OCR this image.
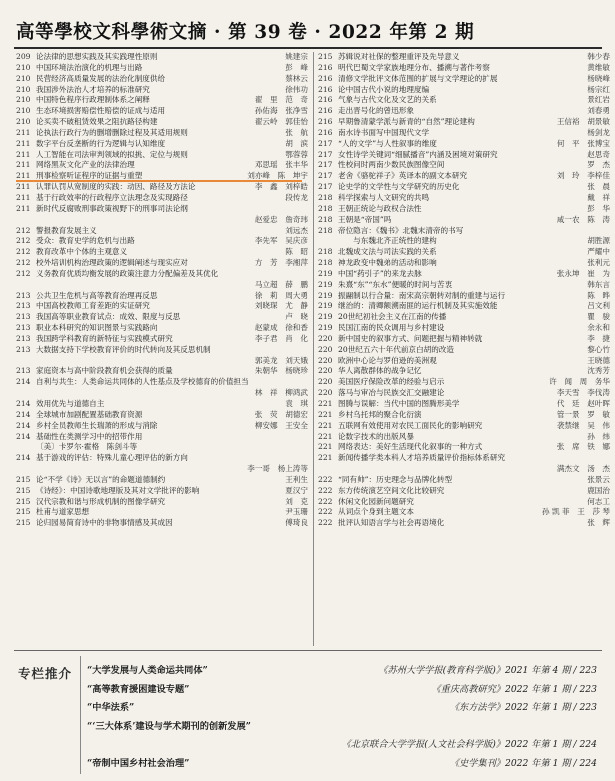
高等學校文科學術文摘 · 第 39 卷 · 2022 年第 2 期
209 论法律的思想实践及其实践理性原则	姚建宗
210 中国环境法治演化的机理与出路	彭　峰
210 民营经济高质量发展的法治化制度供给	蔡林云
210 我国涉外法治人才培养的标准研究	徐伟功
210 中国特色程序行政理制体系之阐释	翟　里　范　奇
210 生态环境损害赔偿性赔偿的证成与适用	孙佑海　张净雪
210 论买卖不破租赁效果之阻抗路径构建	翟云岭　郭佳怡
211 论执法行政行为的删增删除过程及其适用规则	张　航
211 数字平台反垄断的行为逻辑与认知维度	胡　滨
211 人工智能在司法审判领域的拟挑、定位与规则	鄂蓉蓉
211 网络黑灰文化产业的法律治理	邓思瑶　张丰华
211 刑事检察听证程序的证据与重塑	刘亦峰　陈　坤宇
211 认罪认罚从宽制度的实践：动因、路径及方法论	李　鑫　刘梓皓
211 基于行政效率的行政程序立法理念及实现路径	段传龙
211 新时代反腐败刑事政策视野下的刑事司法论纲
赵爱忠　詹奇玮
212 警报教育发展主义	刘远杰
212 受众：教育史学的危机与出路	李先军　吴庆彦
212 教育改革中个体的主观意义	陈　昭
212 校外培训机构治理政策的逻辑阐述与现实应对	方　芳　李湘萍
212 义务教育优质均衡发展的政策注意力分配偏差及其优化
马立超　薛　鹏
213 公共卫生危机与高等教育治理再反思	徐　莉　周大勇
213 中国高校教师工育差距的实证研究	刘晓琛　尤　静
213 我国高等职业教育试点：成效、限度与反思	卢　晓
213 职业本科研究的知识图景与实践路向	赵蒙成　徐和香
213 我国跨学科教育的新特征与实践模式研究	李子君　肖　化
213 大数据支持下学校教育评价的时代转向及其反思机制
郭美龙　刘天娥
213 家庭资本与高中阶段教育机会获得的质量	朱朝华　杨晓珍
214 自利与共生：人类命运共同体的人性基点及学校德育的价值担当
林　祥　柳鸿武
214 效用优先与道德自主	袁　琪
214 全球城市加剧配置基础教育资源	张　荧　胡德宏
214 乡村全员教师生长瑞萧的形成与消除	柳安娜　王安全
214 基础性在类测学习中的招带作用
〔美〕卡罗尔·霍格　陈剑斗等
214 基于游戏的评估：特殊儿童心理评估的新方向
李一哥　杨上涛等
215 论“不学《诗》无以言”的命题道德制约	王利生
215 《诗经》：中国诗歌地理版及其对文学批评的影响	夏汉宁
215 汉代宗教和谐与形成机制的图像学研究	刘　克
215 杜甫与道家思想	尹玉珊
215 论归园易简育诗中的非物事情感及其成因	傅琦良
215 苏辑说对社保的整理重评及先导意义	韩少春
216 明代巴蜀文学家族地理分布、播溯与著作考察	黄维敏
216 清修文学批评文体范围的扩展与文学理论的扩展	杨晓峰
216 论中国古代小说的地理度编	杨宗红
216 气象与古代文化及文艺的关系	景红岩
216 走出晋号化的曾迅形象	刘春勇
216 早期鲁清蒙学派与新青的“自然”理论建构	王信裕　胡景敏
216 南水诗书面写中国现代文学	杨剑龙
217 “人的文学”与人性叙事的维度	何　平　张博宝
217 女性诗学关键词“细腻播音”内涵及困境对策研究	赵思奇
217 性校问时两南少数民族图像空间	罗　杰
217 老舍《骆驼祥子》英译本的副文本研究	刘　玲　李梓佳
217 论史学的文学性与文学研究的历史化	张　晨
218 科学探索与人文研究的共鸣	戴　祥
218 王朝正统论与政权合法性	彭　华
218 王朝是“帝国”吗	咸一农　陈　涛
218 帝位隐言：《魏书》北魏末清帝的书写
　　与东魏北齐正统性的建构	胡胜源
218 北魏成文法与司法实践的关系	严耀中
218 神龙政变中魏弟的活动和影响	张利元
219 中国“药引子”的来龙去脉	张永坤　崔　为
219 朱熹“东”“东水”便暖的时间与苦衷	韩东言
219 振翮制以行合量：南宋高宗朝转对制的重建与运行	陈　晔
219 继治的：清卿额溯南匪的运行机制及其实施效能	吕文利
219 20世纪初社会主义在江南的传播	瞿　骏
219 民国江南的民众调用与乡村建设	余永和
220 新中国史的叙事方式、问题把握与精神转就	李　捷
220 20世纪五六十年代前京白胡的改造	黎心竹
220 欧洲中心论与罗伯逊的美洲观	王晓德
220 华人离散群体的战争记忆	沈秀芳
220 美国医疗保险改革的经验与启示	许　闻　周　务华
220 落马与审冶与民族交汇交融建论	李天雪　李伐涛
221 图腾与误解：当代中国的图腾形美学	代　廷　赵叶晖
221 乡村乌托邦的聚合化衍演	管一景　罗　敏
221 五联网有效使用对农民工面民化的影响研究	袭禁继　吴　伟
221 论数字技术的出版风暴	孙　炜
221 网络表达：美好生活现代化叙事的一种方式	张　席　铁　娜
221 新闻传播学类本科人才培养质量评价指标体系研究
满杰文　汤　杰
222 “同有帅”：历史理念与品牌化转型	张景云
222 东方传统演艺空间文化比较研究	鹿国治
222 休闲文化园新问题研究	何志工
222 从词点个身到主题文本	孙 凯 菲　王　莎 琴
222 批评认知语言学与社会再语境化	张　辉
专栏推介 “大学发展与人类命运共同体”	《苏州大学学报(教育科学版)》2021 年第 4 期 / 223
“高等教育援困建设专题”	《重庆高教研究》2022 年第 1 期 / 223
“中华法系”	《东方法学》2022 年第 1 期 / 223
“‘三大体系’建设与学术期刊的创新发展”
《北京联合大学学报(人文社会科学版)》2022 年第 1 期 / 224
“帝制中国乡村社会治理”	《史学集刊》2022 年第 1 期 / 224
